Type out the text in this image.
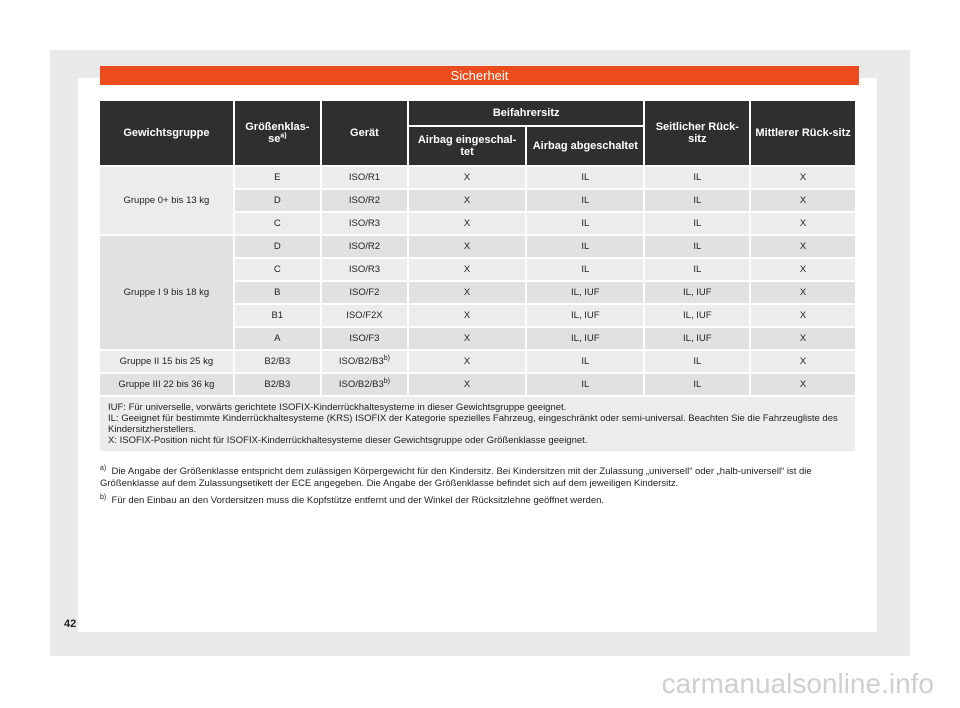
Sicherheit
Gewichtsgruppe	Größenklas-$se^{a)}$	Gerät	Beifahrersitz		Seitlicher Rück-sitz	Mittlerer Rück-sitz
			Airbag eingeschal-tet	Airbag abgeschaltet		
Gruppe 0+ bis 13 kg	E	ISO/R1	X	IL	IL	X
	D	ISO/R2	X	IL	IL	X
	C	ISO/R3	X	IL	IL	X
Gruppe I 9 bis 18 kg	D	ISO/R2	X	IL	IL	X
	C	ISO/R3	X	IL	IL	X
	B	ISO/F2	X	IL, IUF	IL, IUF	X
	B1	ISO/F2X	X	IL, IUF	IL, IUF	X
	A	ISO/F3	X	IL, IUF	IL, IUF	X
Gruppe II 15 bis 25 kg	B2/B3	ISO/B2/B3$^{b)}$	X	IL	IL	X
Gruppe III 22 bis 36 kg	B2/B3	ISO/B2/B3$^{b)}$	X	IL	IL	X

IUF: Für universelle, vorwärts gerichtete ISOFIX-Kinderrückhaltesysteme in dieser Gewichtsgruppe geeignet.
IL: Geeignet für bestimmte Kinderrückhaltesysteme (KRS) ISOFIX der Kategorie spezielles Fahrzeug, eingeschränkt oder semi-universal. Beachten Sie die Fahrzeugliste des Kindersitzherstellers.
X: ISOFIX-Position nicht für ISOFIX-Kinderrückhaltesysteme dieser Gewichtsgruppe oder Größenklasse geeignet.						

$^{a)}$ Die Angabe der Größenklasse entspricht dem zulässigen Körpergewicht für den Kindersitz. Bei Kindersitzen mit der Zulassung „universell“ oder „halb-universell“ ist die Größenklasse auf dem Zulassungsetikett der ECE angegeben. Die Angabe der Größenklasse befindet sich auf dem jeweiligen Kindersitz.

$^{b)}$ Für den Einbau an den Vordersitzen muss die Kopfstütze entfernt und der Winkel der Rücksitzlehne geöffnet werden.

42
carmanualsonline.info
